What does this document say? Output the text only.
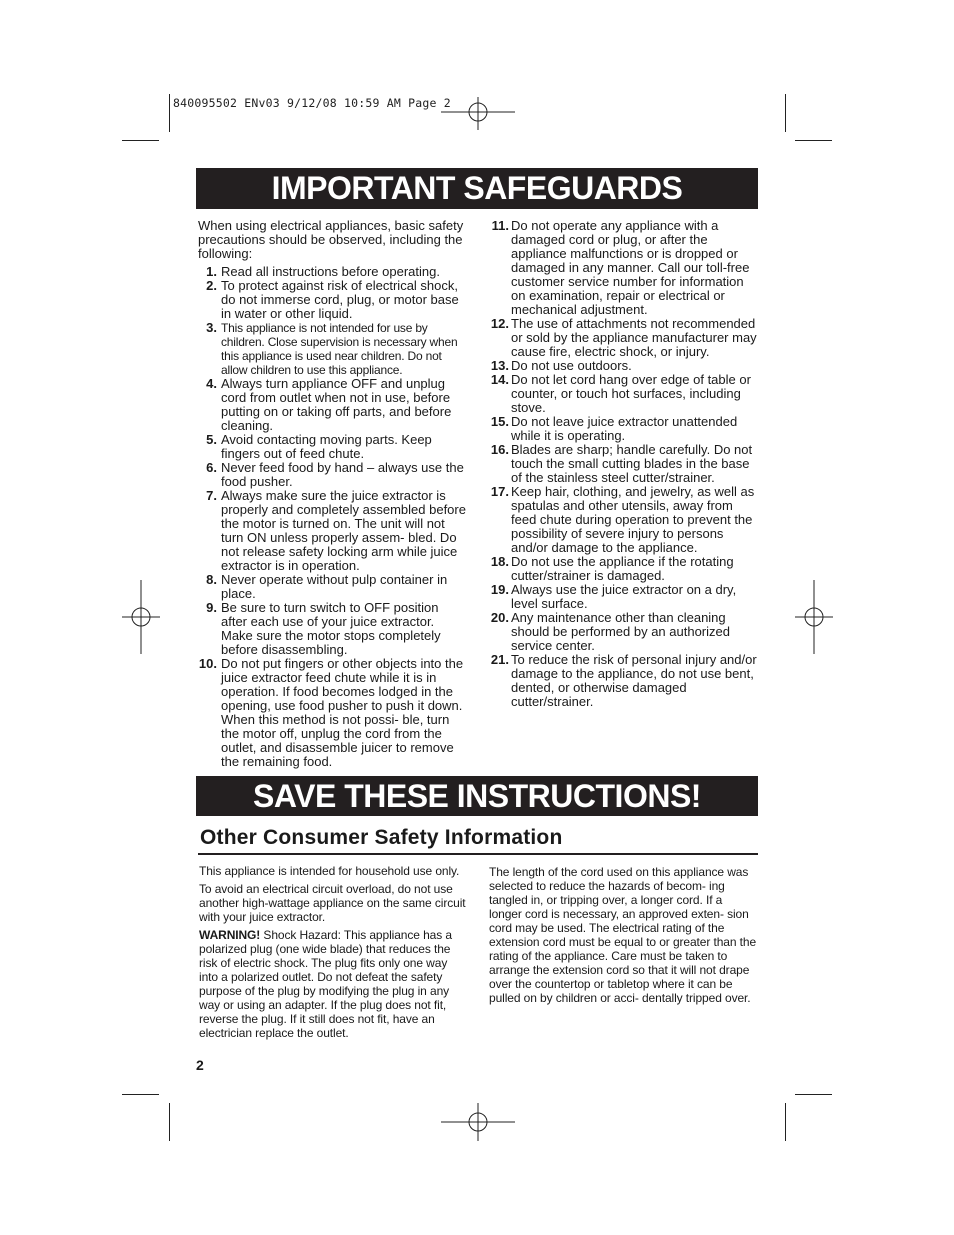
840095502 ENv03 9/12/08 10:59 AM Page 2
IMPORTANT SAFEGUARDS

When using electrical appliances, basic safety precautions should be observed, including the following:

1. Read all instructions before operating.
2. To protect against risk of electrical shock, do not immerse cord, plug, or motor base in water or other liquid.
3. This appliance is not intended for use by children. Close supervision is necessary when this appliance is used near children. Do not allow children to use this appliance.
4. Always turn appliance OFF and unplug cord from outlet when not in use, before putting on or taking off parts, and before cleaning.
5. Avoid contacting moving parts. Keep fingers out of feed chute.
6. Never feed food by hand – always use the food pusher.
7. Always make sure the juice extractor is properly and completely assembled before the motor is turned on. The unit will not turn ON unless properly assem- bled. Do not release safety locking arm while juice extractor is in operation.
8. Never operate without pulp container in place.
9. Be sure to turn switch to OFF position after each use of your juice extractor. Make sure the motor stops completely before disassembling.
10. Do not put fingers or other objects into the juice extractor feed chute while it is in operation. If food becomes lodged in the opening, use food pusher to push it down. When this method is not possi- ble, turn the motor off, unplug the cord from the outlet, and disassemble juicer to remove the remaining food.
11. Do not operate any appliance with a damaged cord or plug, or after the appliance malfunctions or is dropped or damaged in any manner. Call our toll-free customer service number for information on examination, repair or electrical or mechanical adjustment.
12. The use of attachments not recommended or sold by the appliance manufacturer may cause fire, electric shock, or injury.
13. Do not use outdoors.
14. Do not let cord hang over edge of table or counter, or touch hot surfaces, including stove.
15. Do not leave juice extractor unattended while it is operating.
16. Blades are sharp; handle carefully. Do not touch the small cutting blades in the base of the stainless steel cutter/strainer.
17. Keep hair, clothing, and jewelry, as well as spatulas and other utensils, away from feed chute during operation to prevent the possibility of severe injury to persons and/or damage to the appliance.
18. Do not use the appliance if the rotating cutter/strainer is damaged.
19. Always use the juice extractor on a dry, level surface.
20. Any maintenance other than cleaning should be performed by an authorized service center.
21. To reduce the risk of personal injury and/or damage to the appliance, do not use bent, dented, or otherwise damaged cutter/strainer.
SAVE THESE INSTRUCTIONS!
Other Consumer Safety Information

This appliance is intended for household use only.

To avoid an electrical circuit overload, do not use another high-wattage appliance on the same circuit with your juice extractor.

WARNING! Shock Hazard: This appliance has a polarized plug (one wide blade) that reduces the risk of electric shock. The plug fits only one way into a polarized outlet. Do not defeat the safety purpose of the plug by modifying the plug in any way or using an adapter. If the plug does not fit, reverse the plug. If it still does not fit, have an electrician replace the outlet.

The length of the cord used on this appliance was selected to reduce the hazards of becom- ing tangled in, or tripping over, a longer cord. If a longer cord is necessary, an approved exten- sion cord may be used. The electrical rating of the extension cord must be equal to or greater than the rating of the appliance. Care must be taken to arrange the extension cord so that it will not drape over the countertop or tabletop where it can be pulled on by children or acci- dentally tripped over.

2
